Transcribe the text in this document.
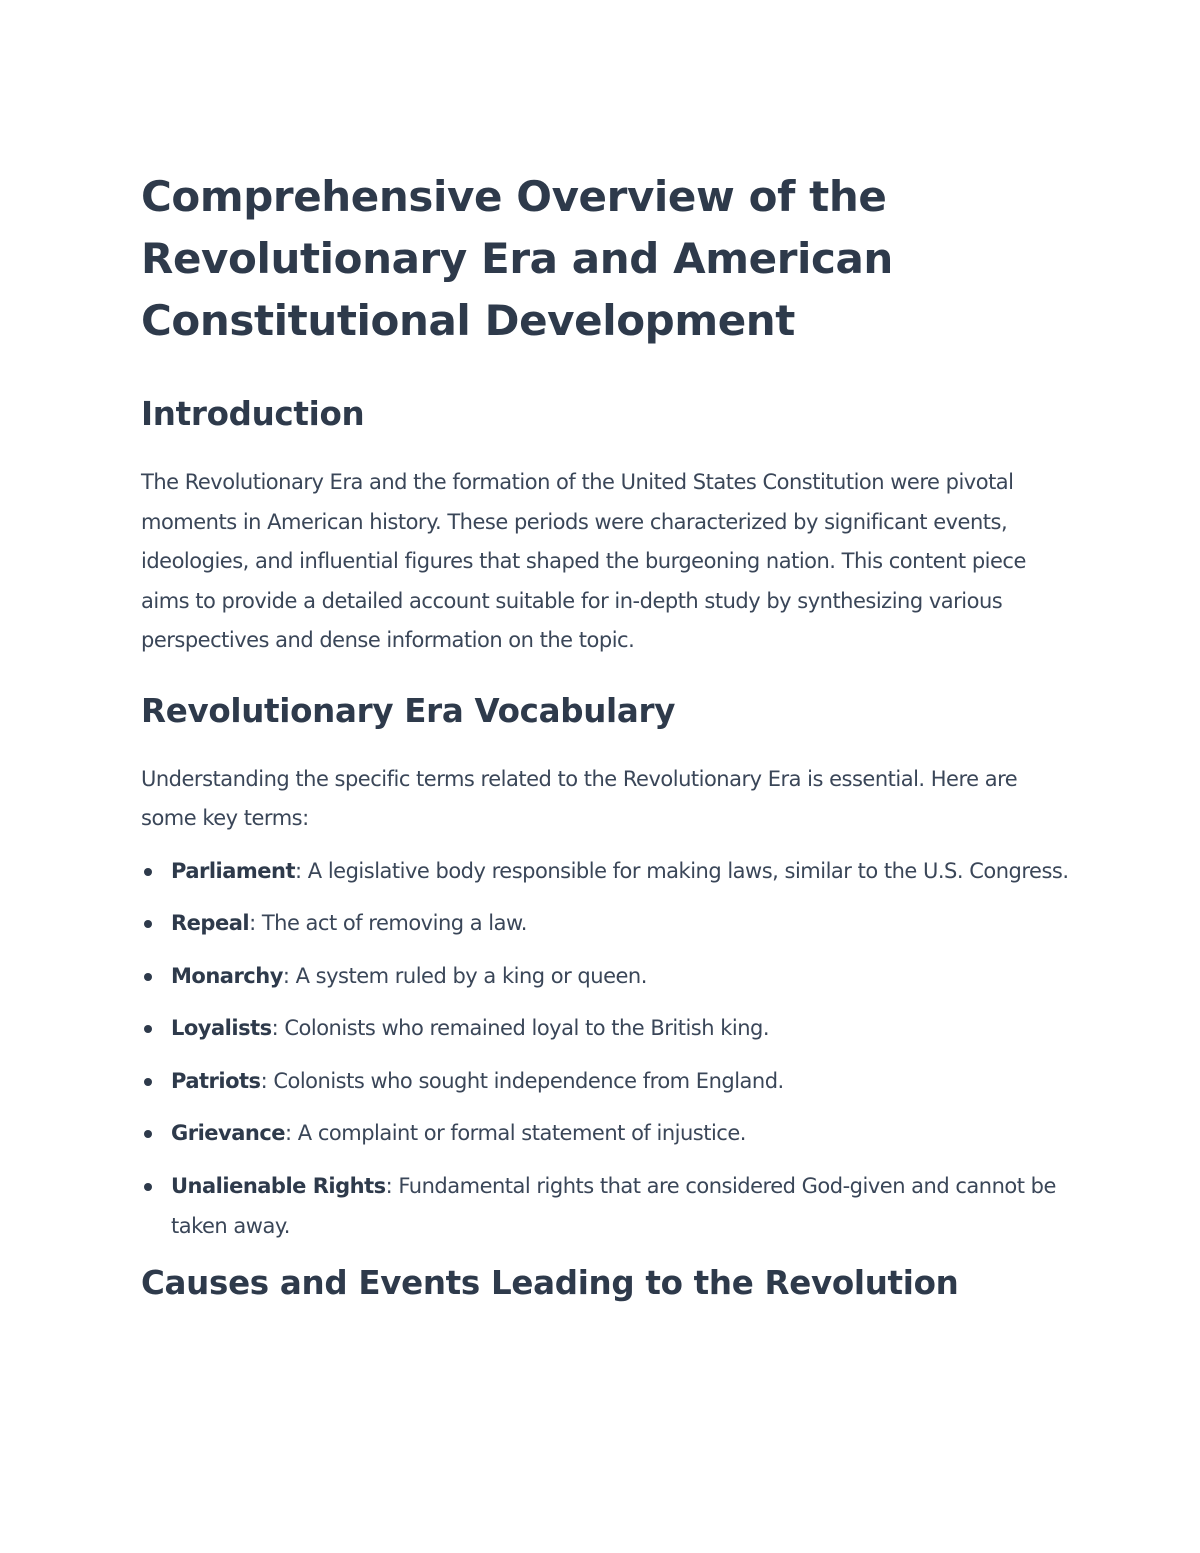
Comprehensive Overview of the Revolutionary Era and American Constitutional Development
Introduction

The Revolutionary Era and the formation of the United States Constitution were pivotal moments in American history. These periods were characterized by significant events, ideologies, and influential figures that shaped the burgeoning nation. This content piece aims to provide a detailed account suitable for in-depth study by synthesizing various perspectives and dense information on the topic.

Revolutionary Era Vocabulary

Understanding the specific terms related to the Revolutionary Era is essential. Here are some key terms:

Parliament: A legislative body responsible for making laws, similar to the U.S. Congress.
Repeal: The act of removing a law.
Monarchy: A system ruled by a king or queen.
Loyalists: Colonists who remained loyal to the British king.
Patriots: Colonists who sought independence from England.
Grievance: A complaint or formal statement of injustice.
Unalienable Rights: Fundamental rights that are considered God-given and cannot be taken away.
Causes and Events Leading to the Revolution
